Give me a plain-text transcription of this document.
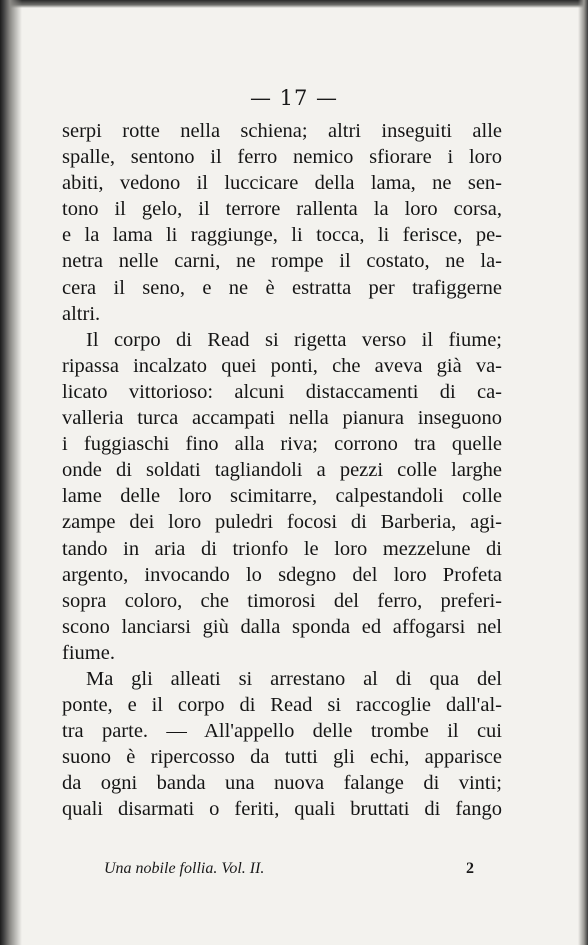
— 17 —
serpi rotte nella schiena; altri inseguiti alle
spalle, sentono il ferro nemico sfiorare i loro
abiti, vedono il luccicare della lama, ne sen-
tono il gelo, il terrore rallenta la loro corsa,
e la lama li raggiunge, li tocca, li ferisce, pe-
netra nelle carni, ne rompe il costato, ne la-
cera il seno, e ne è estratta per trafiggerne
altri.
Il corpo di Read si rigetta verso il fiume;
ripassa incalzato quei ponti, che aveva già va-
licato vittorioso: alcuni distaccamenti di ca-
valleria turca accampati nella pianura inseguono
i fuggiaschi fino alla riva; corrono tra quelle
onde di soldati tagliandoli a pezzi colle larghe
lame delle loro scimitarre, calpestandoli colle
zampe dei loro puledri focosi di Barberia, agi-
tando in aria di trionfo le loro mezzelune di
argento, invocando lo sdegno del loro Profeta
sopra coloro, che timorosi del ferro, preferi-
scono lanciarsi giù dalla sponda ed affogarsi nel
fiume.
Ma gli alleati si arrestano al di qua del
ponte, e il corpo di Read si raccoglie dall'al-
tra parte. — All'appello delle trombe il cui
suono è ripercosso da tutti gli echi, apparisce
da ogni banda una nuova falange di vinti;
quali disarmati o feriti, quali bruttati di fango
Una nobile follia. Vol. II.	2
